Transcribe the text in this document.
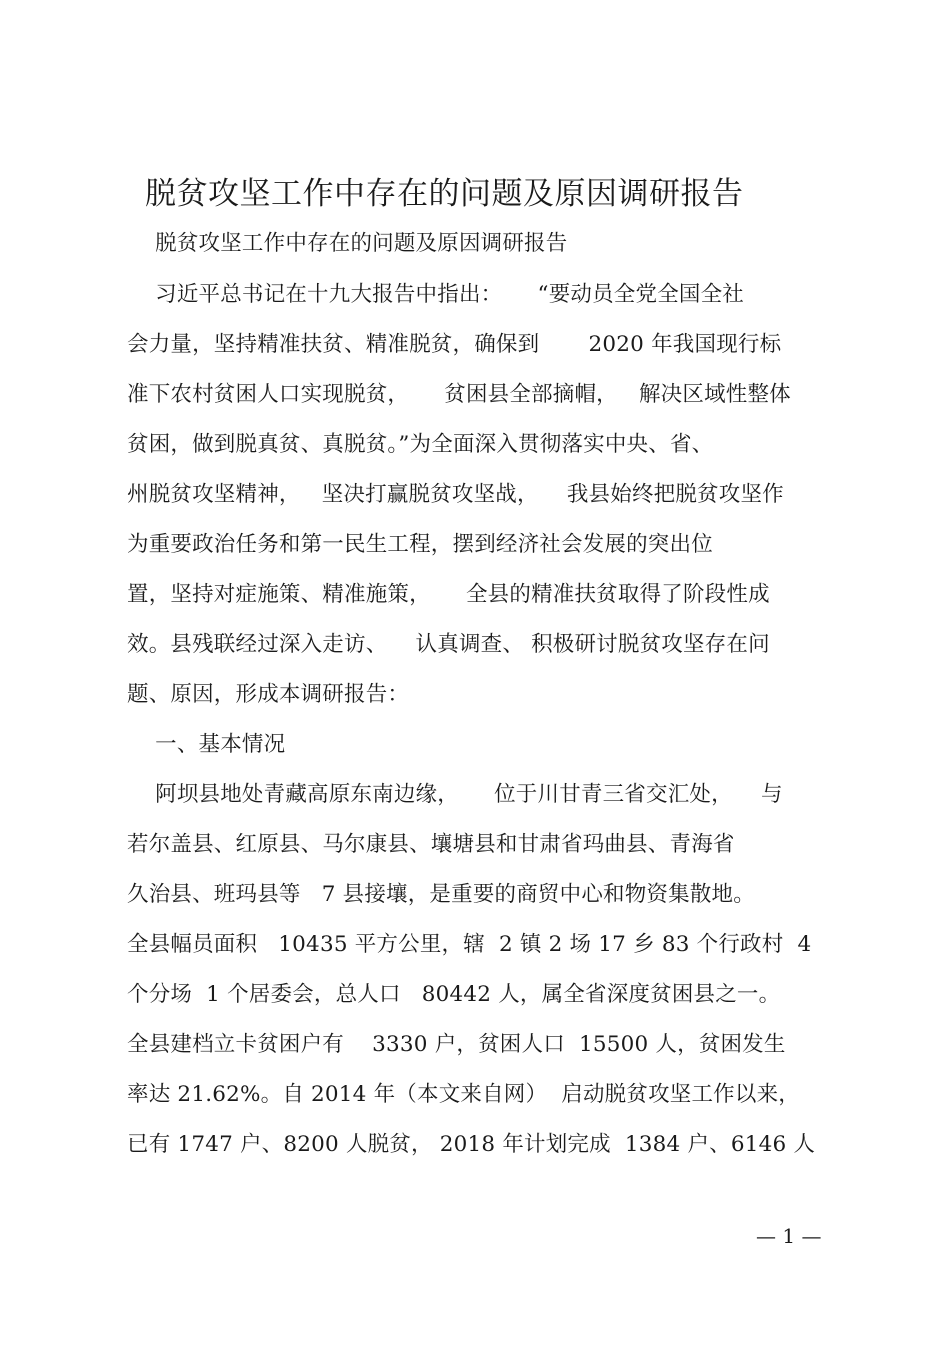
脱贫攻坚工作中存在的问题及原因调研报告
脱贫攻坚工作中存在的问题及原因调研报告
习近平总书记在十九大报告中指出：     “要动员全党全国全社
会力量，坚持精准扶贫、精准脱贫，确保到       2020 年我国现行标
准下农村贫困人口实现脱贫，     贫困县全部摘帽，   解决区域性整体
贫困，做到脱真贫、真脱贫。”为全面深入贯彻落实中央、省、
州脱贫攻坚精神，   坚决打赢脱贫攻坚战，    我县始终把脱贫攻坚作
为重要政治任务和第一民生工程，摆到经济社会发展的突出位
置，坚持对症施策、精准施策，     全县的精准扶贫取得了阶段性成
效。县残联经过深入走访、    认真调查、 积极研讨脱贫攻坚存在问
题、原因，形成本调研报告：
一、基本情况
阿坝县地处青藏高原东南边缘，     位于川甘青三省交汇处，    与
若尔盖县、红原县、马尔康县、壤塘县和甘肃省玛曲县、青海省
久治县、班玛县等   7 县接壤，是重要的商贸中心和物资集散地。
全县幅员面积   10435 平方公里，辖  2 镇 2 场 17 乡 83 个行政村  4
个分场  1 个居委会，总人口   80442 人，属全省深度贫困县之一。
全县建档立卡贫困户有    3330 户，贫困人口  15500 人，贫困发生
率达 21.62%。自 2014 年（本文来自网）  启动脱贫攻坚工作以来，
已有 1747 户、8200 人脱贫， 2018 年计划完成  1384 户、6146 人
— 1 —
